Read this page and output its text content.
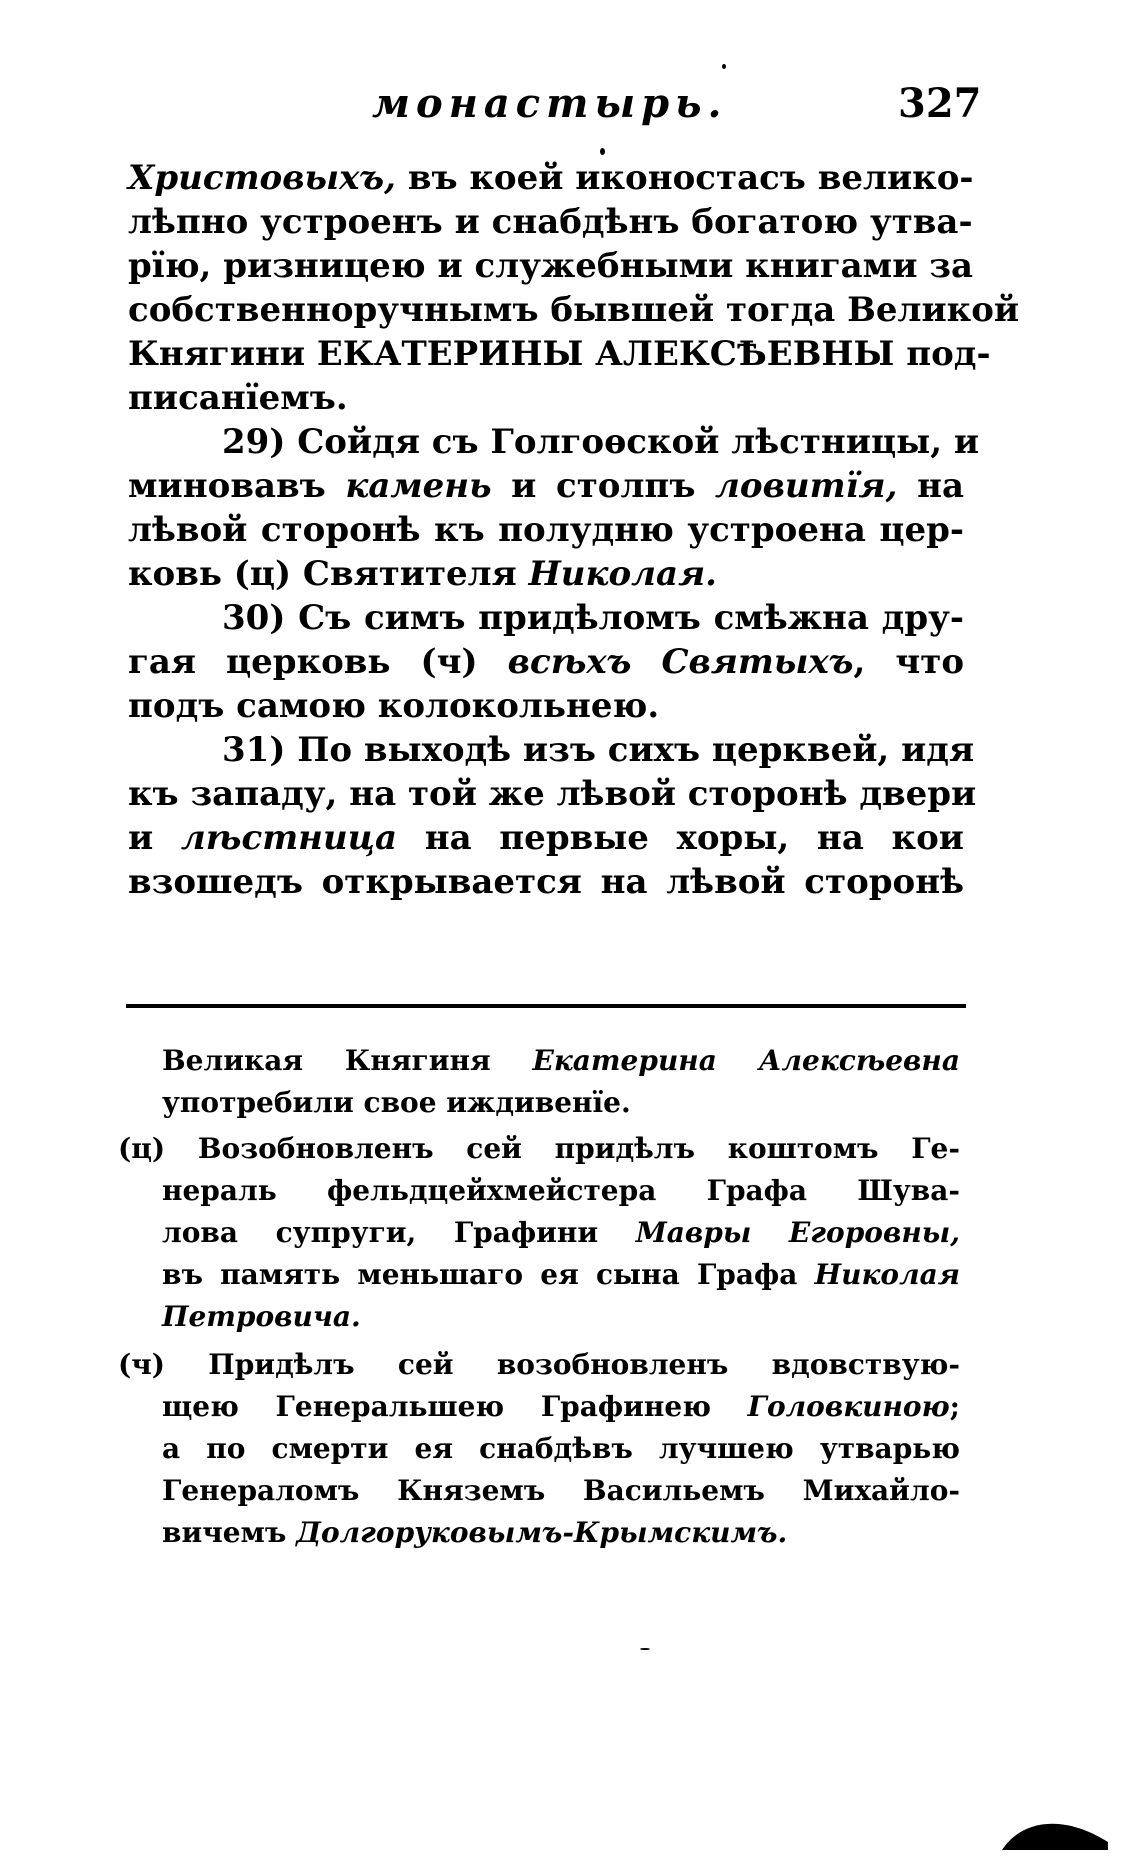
монастырь.	327
Христовыхъ, въ коей иконостасъ велико-
лѣпно устроенъ и снабдѣнъ богатою утва-
рїю, ризницею и служебными книгами за
собственноручнымъ бывшей тогда Великой
Княгини ЕКАТЕРИНЫ АЛЕКСѢЕВНЫ под-
писанїемъ.
29) Сойдя съ Голгоѳской лѣстницы, и
миновавъ камень и столпъ ловитїя, на
лѣвой сторонѣ къ полудню устроена цер-
ковь (ц) Святителя Николая.
30) Съ симъ придѣломъ смѣжна дру-
гая церковь (ч) всѣхъ Святыхъ, что
подъ самою колокольнею.
31) По выходѣ изъ сихъ церквей, идя
къ западу, на той же лѣвой сторонѣ двери
и лѣстница на первые хоры, на кои
взошедъ открывается на лѣвой сторонѣ
Великая Княгиня Екатерина Алексѣевна
употребили свое иждивенїе.
(ц) Возобновленъ сей придѣлъ коштомъ Ге-
нераль фельдцейхмейстера Графа Шува-
лова супруги, Графини Мавры Егоровны,
въ память меньшаго ея сына Графа Николая
Петровича.
(ч) Придѣлъ сей возобновленъ вдовствую-
щею Генеральшею Графинею Головкиною;
а по смерти ея снабдѣвъ лучшею утварью
Генераломъ Княземъ Васильемъ Михайло-
вичемъ Долгоруковымъ-Крымскимъ.
